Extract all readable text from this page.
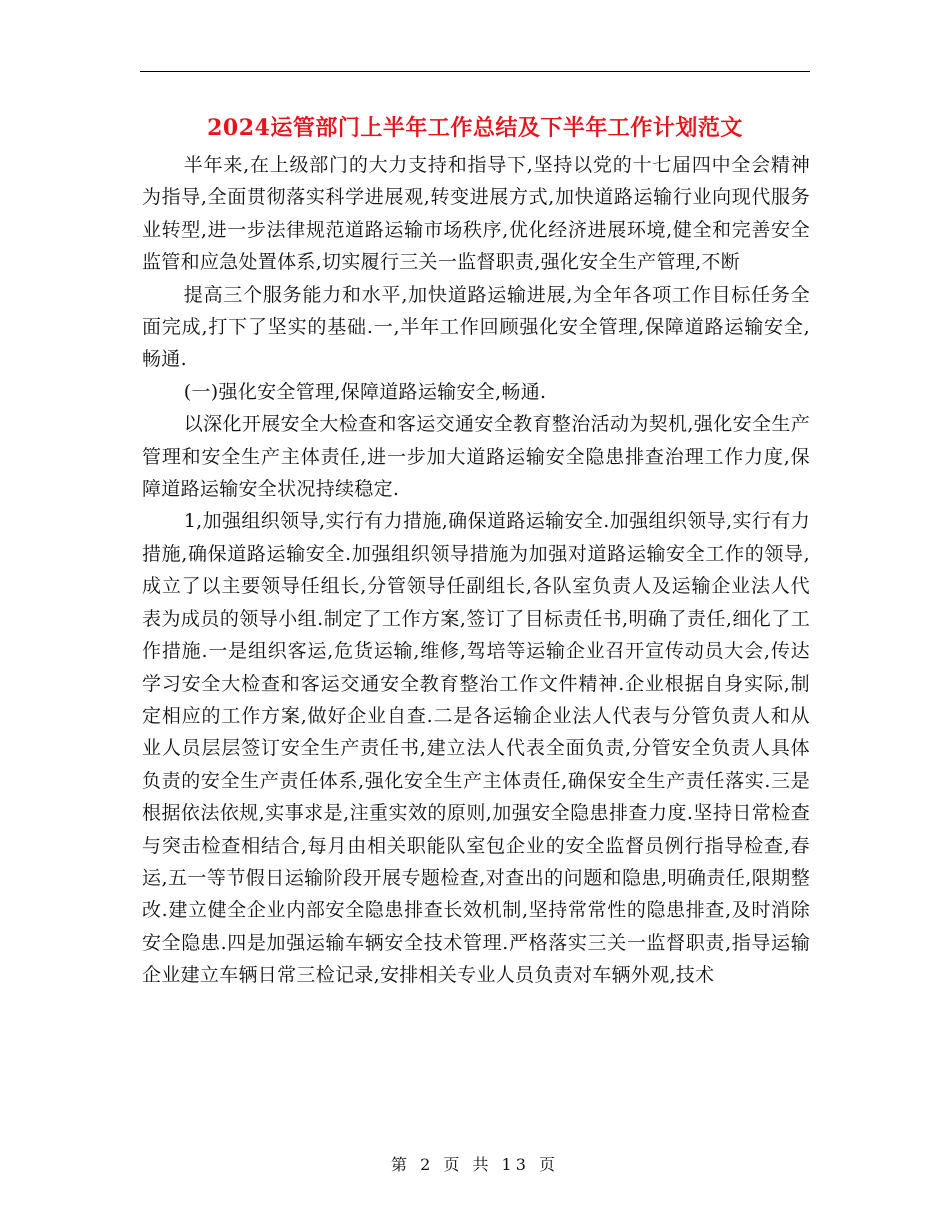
2024运管部门上半年工作总结及下半年工作计划范文

半年来,在上级部门的大力支持和指导下,坚持以党的十七届四中全会精神为指导,全面贯彻落实科学进展观,转变进展方式,加快道路运输行业向现代服务业转型,进一步法律规范道路运输市场秩序,优化经济进展环境,健全和完善安全监管和应急处置体系,切实履行三关一监督职责,强化安全生产管理,不断

提高三个服务能力和水平,加快道路运输进展,为全年各项工作目标任务全面完成,打下了坚实的基础.一,半年工作回顾强化安全管理,保障道路运输安全,畅通.

(一)强化安全管理,保障道路运输安全,畅通.

以深化开展安全大检查和客运交通安全教育整治活动为契机,强化安全生产管理和安全生产主体责任,进一步加大道路运输安全隐患排查治理工作力度,保障道路运输安全状况持续稳定.

1,加强组织领导,实行有力措施,确保道路运输安全.加强组织领导,实行有力措施,确保道路运输安全.加强组织领导措施为加强对道路运输安全工作的领导,成立了以主要领导任组长,分管领导任副组长,各队室负责人及运输企业法人代表为成员的领导小组.制定了工作方案,签订了目标责任书,明确了责任,细化了工作措施.一是组织客运,危货运输,维修,驾培等运输企业召开宣传动员大会,传达学习安全大检查和客运交通安全教育整治工作文件精神.企业根据自身实际,制定相应的工作方案,做好企业自查.二是各运输企业法人代表与分管负责人和从业人员层层签订安全生产责任书,建立法人代表全面负责,分管安全负责人具体负责的安全生产责任体系,强化安全生产主体责任,确保安全生产责任落实.三是根据依法依规,实事求是,注重实效的原则,加强安全隐患排查力度.坚持日常检查与突击检查相结合,每月由相关职能队室包企业的安全监督员例行指导检查,春运,五一等节假日运输阶段开展专题检查,对查出的问题和隐患,明确责任,限期整改.建立健全企业内部安全隐患排查长效机制,坚持常常性的隐患排查,及时消除安全隐患.四是加强运输车辆安全技术管理.严格落实三关一监督职责,指导运输企业建立车辆日常三检记录,安排相关专业人员负责对车辆外观,技术

第 2 页 共 13 页
